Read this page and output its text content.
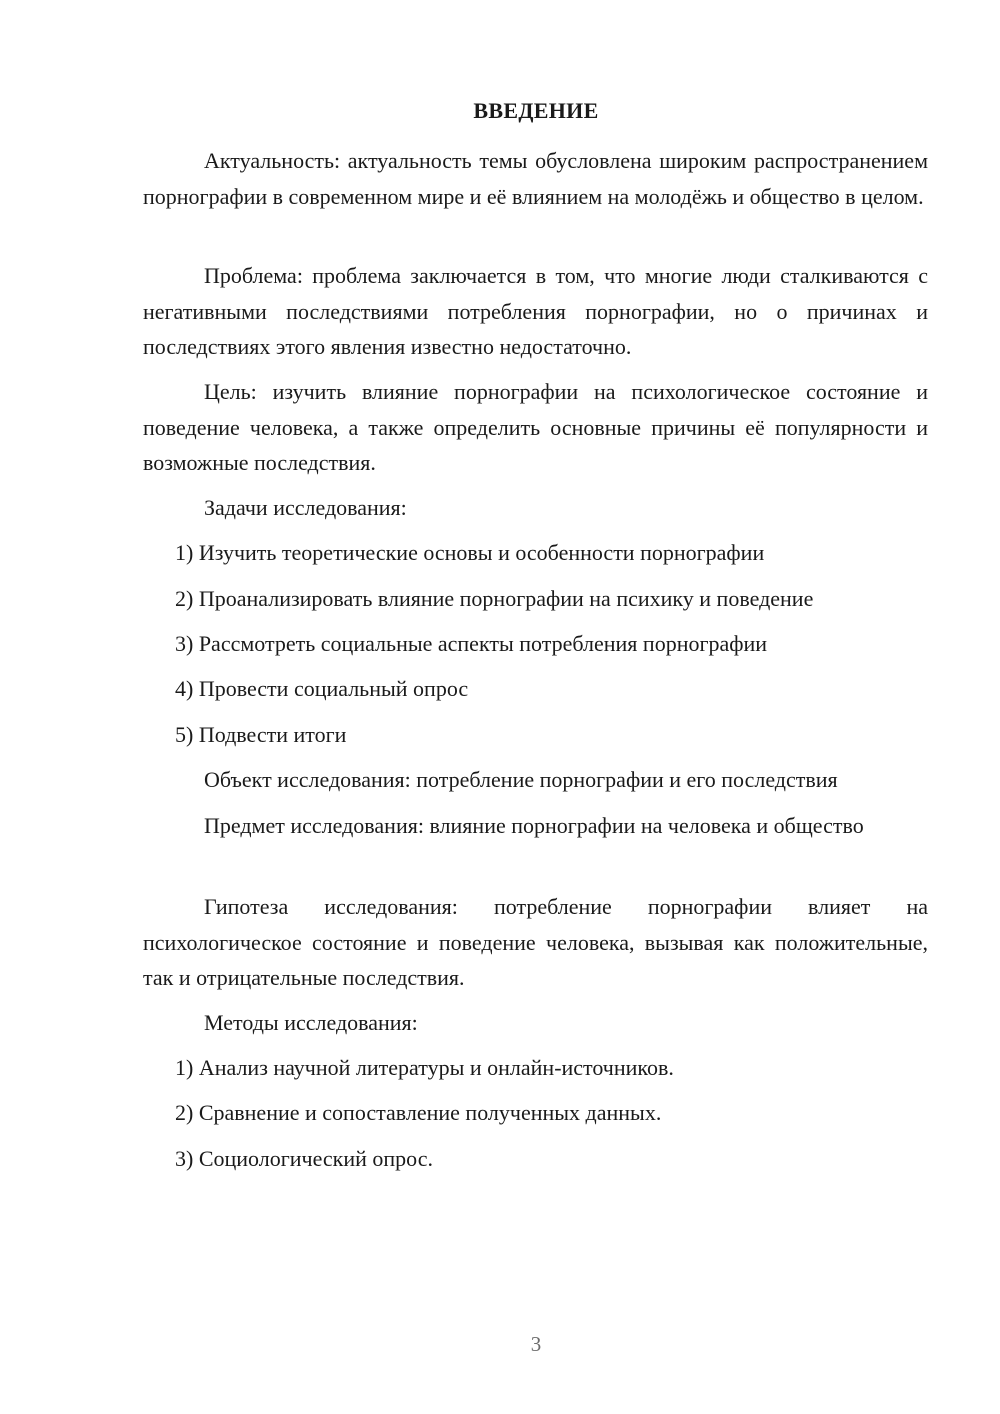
ВВЕДЕНИЕ
Актуальность: актуальность темы обусловлена широким распространением порнографии в современном мире и её влиянием на молодёжь и общество в целом.
Проблема: проблема заключается в том, что многие люди сталкиваются с негативными последствиями потребления порнографии, но о причинах и последствиях этого явления известно недостаточно.
Цель: изучить влияние порнографии на психологическое состояние и поведение человека, а также определить основные причины её популярности и возможные последствия.
Задачи исследования:
1) Изучить теоретические основы и особенности порнографии
2) Проанализировать влияние порнографии на психику и поведение
3) Рассмотреть социальные аспекты потребления порнографии
4) Провести социальный опрос
5) Подвести итоги
Объект исследования: потребление порнографии и его последствия
Предмет исследования: влияние порнографии на человека и общество
Гипотеза исследования: потребление порнографии влияет на психологическое состояние и поведение человека, вызывая как положительные, так и отрицательные последствия.
Методы исследования:
1) Анализ научной литературы и онлайн-источников.
2) Сравнение и сопоставление полученных данных.
3) Социологический опрос.
3
